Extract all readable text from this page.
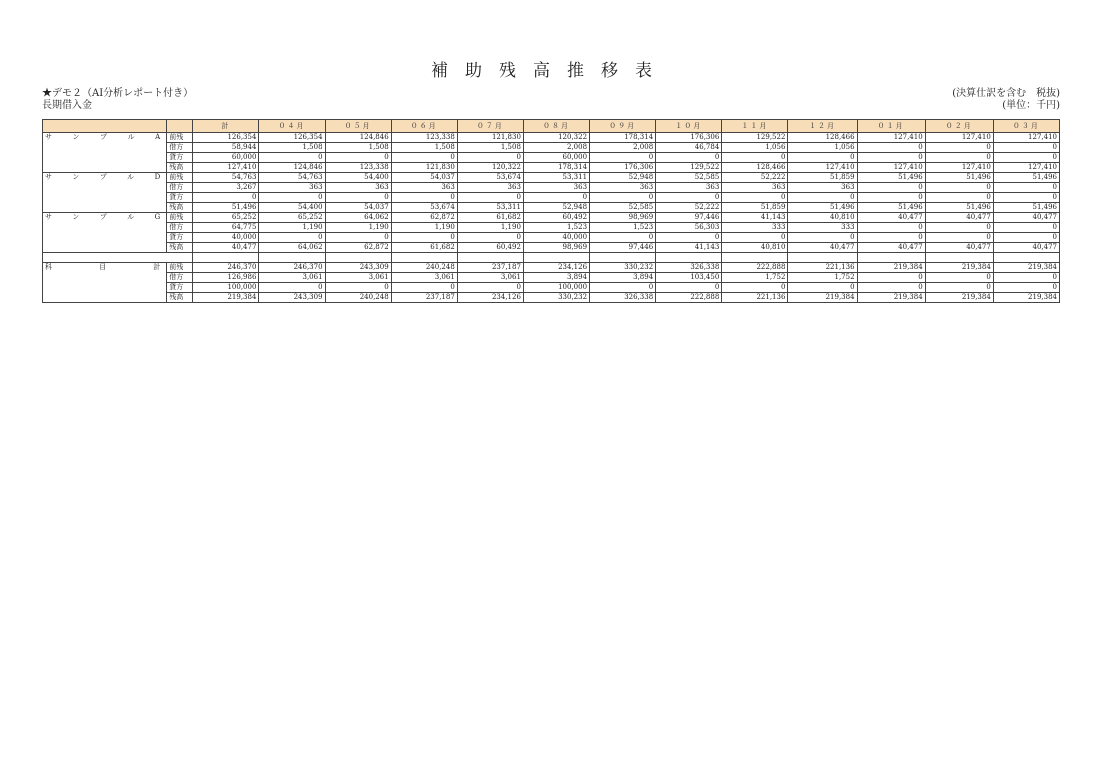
補助残高推移表
★デモ２（AI分析レポート付き）
長期借入金
(決算仕訳を含む　税抜)
(単位：千円)
		計	０４月	０５月	０６月	０７月	０８月	０９月	１０月	１１月	１２月	０１月	０２月	０３月
サンプルA	前残	126,354	126,354	124,846	123,338	121,830	120,322	178,314	176,306	129,522	128,466	127,410	127,410	127,410
	借方	58,944	1,508	1,508	1,508	1,508	2,008	2,008	46,784	1,056	1,056	0	0	0
	貸方	60,000	0	0	0	0	60,000	0	0	0	0	0	0	0
	残高	127,410	124,846	123,338	121,830	120,322	178,314	176,306	129,522	128,466	127,410	127,410	127,410	127,410
サンプルD	前残	54,763	54,763	54,400	54,037	53,674	53,311	52,948	52,585	52,222	51,859	51,496	51,496	51,496
	借方	3,267	363	363	363	363	363	363	363	363	363	0	0	0
	貸方	0	0	0	0	0	0	0	0	0	0	0	0	0
	残高	51,496	54,400	54,037	53,674	53,311	52,948	52,585	52,222	51,859	51,496	51,496	51,496	51,496
サンプルG	前残	65,252	65,252	64,062	62,872	61,682	60,492	98,969	97,446	41,143	40,810	40,477	40,477	40,477
	借方	64,775	1,190	1,190	1,190	1,190	1,523	1,523	56,303	333	333	0	0	0
	貸方	40,000	0	0	0	0	40,000	0	0	0	0	0	0	0
	残高	40,477	64,062	62,872	61,682	60,492	98,969	97,446	41,143	40,810	40,477	40,477	40,477	40,477

科 目 計	前残	246,370	246,370	243,309	240,248	237,187	234,126	330,232	326,338	222,888	221,136	219,384	219,384	219,384
	借方	126,986	3,061	3,061	3,061	3,061	3,894	3,894	103,450	1,752	1,752	0	0	0
	貸方	100,000	0	0	0	0	100,000	0	0	0	0	0	0	0
	残高	219,384	243,309	240,248	237,187	234,126	330,232	326,338	222,888	221,136	219,384	219,384	219,384	219,384
